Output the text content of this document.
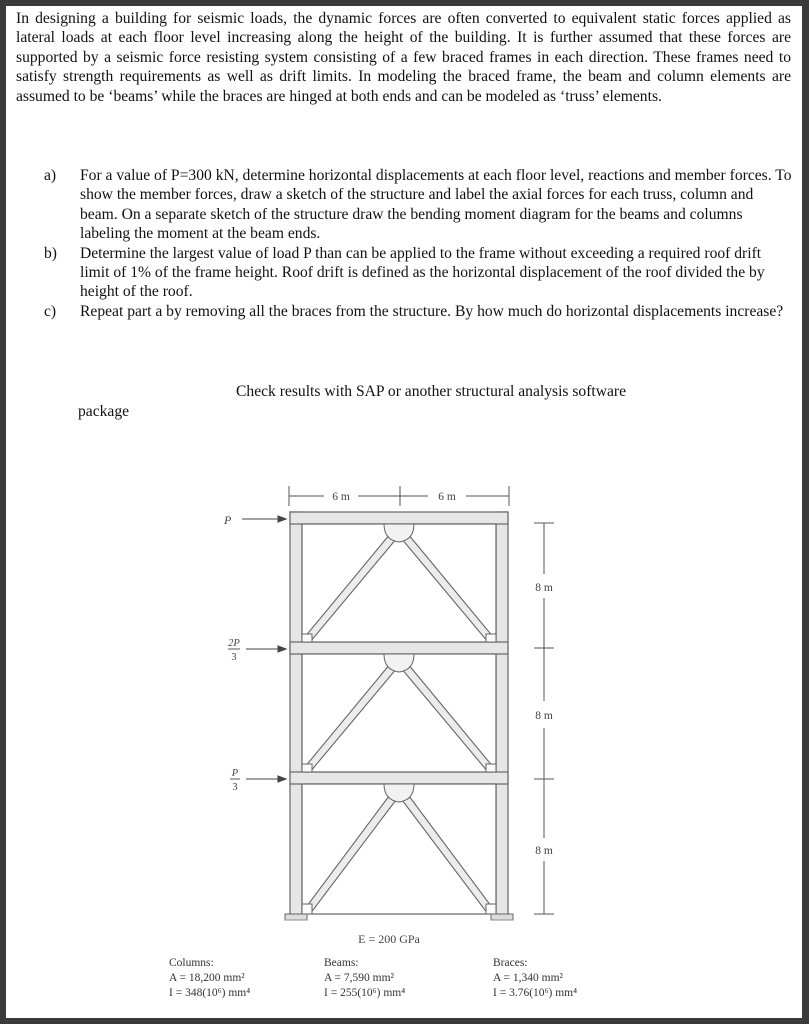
In designing a building for seismic loads, the dynamic forces are often converted to equivalent static forces applied as lateral loads at each floor level increasing along the height of the building. It is further assumed that these forces are supported by a seismic force resisting system consisting of a few braced frames in each direction. These frames need to satisfy strength requirements as well as drift limits. In modeling the braced frame, the beam and column elements are assumed to be ‘beams’ while the braces are hinged at both ends and can be modeled as ‘truss’ elements.
a)	For a value of P=300 kN, determine horizontal displacements at each floor level, reactions and member forces. To show the member forces, draw a sketch of the structure and label the axial forces for each truss, column and beam. On a separate sketch of the structure draw the bending moment diagram for the beams and columns labeling the moment at the beam ends.
b)	Determine the largest value of load P than can be applied to the frame without exceeding a required roof drift limit of 1% of the frame height. Roof drift is defined as the horizontal displacement of the roof divided the by height of the roof.
c)	Repeat part a by removing all the braces from the structure. By how much do horizontal displacements increase?
Check results with SAP or another structural analysis software
package
6 m	6 m
8 m
8 m
8 m
P
2P
3
P
3
E = 200 GPa
Columns:
A = 18,200 mm²
I = 348(10⁶) mm⁴
Beams:
A = 7,590 mm²
I = 255(10⁶) mm⁴
Braces:
A = 1,340 mm²
I = 3.76(10⁶) mm⁴
